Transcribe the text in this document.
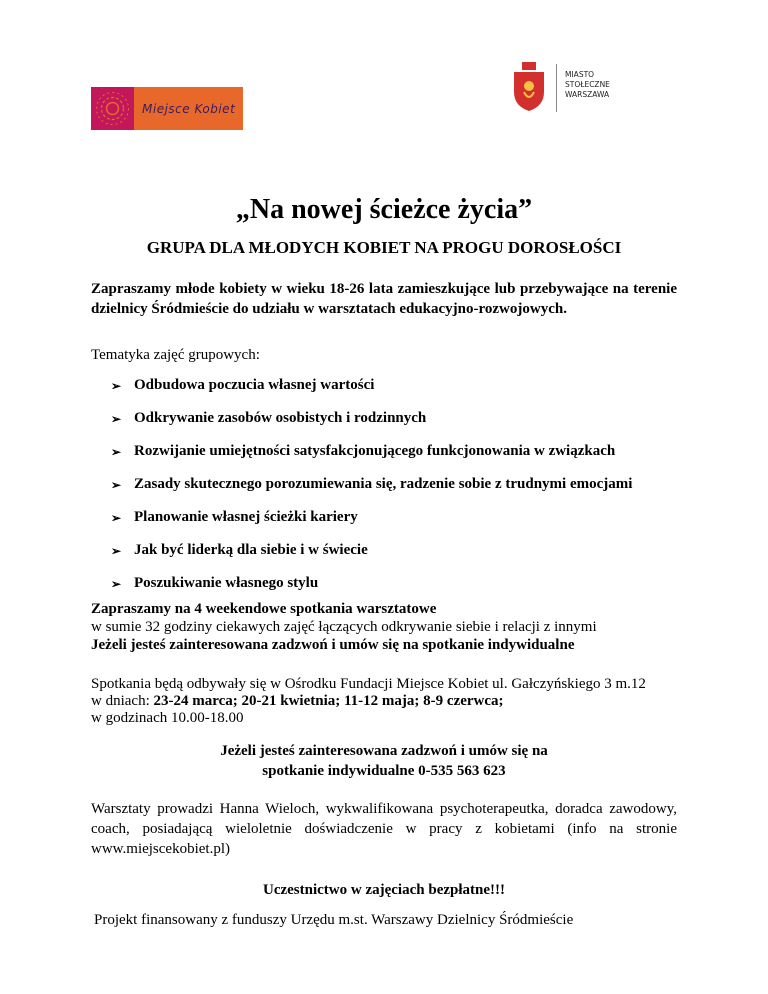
Miejsce Kobiet
MIASTO
STOŁECZNE
WARSZAWA
„Na nowej ścieżce życia”
GRUPA DLA MŁODYCH KOBIET NA PROGU DOROSŁOŚCI
Zapraszamy młode kobiety w wieku 18-26 lata zamieszkujące lub przebywające na terenie dzielnicy Śródmieście do udziału w warsztatach edukacyjno-rozwojowych.
Tematyka zajęć grupowych:
➢ Odbudowa poczucia własnej wartości
➢ Odkrywanie zasobów osobistych i rodzinnych
➢ Rozwijanie umiejętności satysfakcjonującego funkcjonowania w związkach
➢ Zasady skutecznego porozumiewania się, radzenie sobie z trudnymi emocjami
➢ Planowanie własnej ścieżki kariery
➢ Jak być liderką dla siebie i w świecie
➢ Poszukiwanie własnego stylu
Zapraszamy na 4 weekendowe spotkania warsztatowe
w sumie 32 godziny ciekawych zajęć łączących odkrywanie siebie i relacji z innymi
Jeżeli jesteś zainteresowana zadzwoń i umów się na spotkanie indywidualne
Spotkania będą odbywały się w Ośrodku Fundacji Miejsce Kobiet ul. Gałczyńskiego 3 m.12
w dniach: 23-24 marca; 20-21 kwietnia; 11-12 maja; 8-9 czerwca;
w godzinach 10.00-18.00
Jeżeli jesteś zainteresowana zadzwoń i umów się na
spotkanie indywidualne 0-535 563 623
Warsztaty prowadzi Hanna Wieloch, wykwalifikowana psychoterapeutka, doradca zawodowy, coach, posiadającą wieloletnie doświadczenie w pracy z kobietami (info na stronie www.miejscekobiet.pl)
Uczestnictwo w zajęciach bezpłatne!!!
Projekt finansowany z funduszy Urzędu m.st. Warszawy Dzielnicy Śródmieście
